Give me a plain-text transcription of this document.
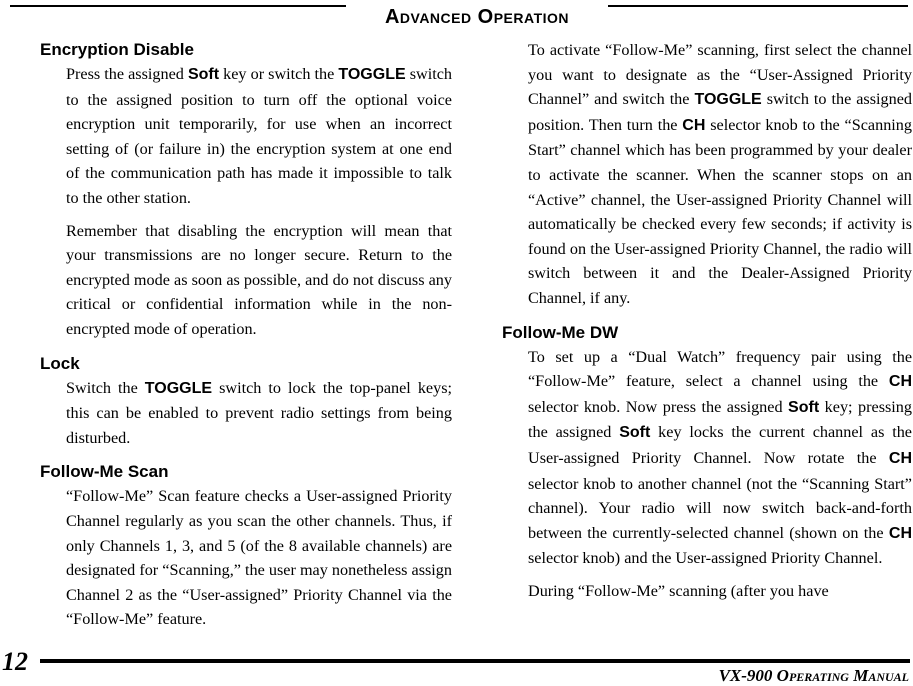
Advanced Operation
Encryption Disable

Press the assigned Soft key or switch the TOGGLE switch to the assigned position to turn off the optional voice encryption unit temporarily, for use when an incorrect setting of (or failure in) the encryption system at one end of the communication path has made it impossible to talk to the other station.

Remember that disabling the encryption will mean that your transmissions are no longer secure. Return to the encrypted mode as soon as possible, and do not discuss any critical or confidential information while in the non-encrypted mode of operation.

Lock

Switch the TOGGLE switch to lock the top-panel keys; this can be enabled to prevent radio settings from being disturbed.

Follow-Me Scan

“Follow-Me” Scan feature checks a User-assigned Priority Channel regularly as you scan the other channels. Thus, if only Channels 1, 3, and 5 (of the 8 available channels) are designated for “Scanning,” the user may nonetheless assign Channel 2 as the “User-assigned” Priority Channel via the “Follow-Me” feature.

To activate “Follow-Me” scanning, first select the channel you want to designate as the “User-Assigned Priority Channel” and switch the TOGGLE switch to the assigned position. Then turn the CH selector knob to the “Scanning Start” channel which has been programmed by your dealer to activate the scanner. When the scanner stops on an “Active” channel, the User-assigned Priority Channel will automatically be checked every few seconds; if activity is found on the User-assigned Priority Channel, the radio will switch between it and the Dealer-Assigned Priority Channel, if any.

Follow-Me DW

To set up a “Dual Watch” frequency pair using the “Follow-Me” feature, select a channel using the CH selector knob. Now press the assigned Soft key; pressing the assigned Soft key locks the current channel as the User-assigned Priority Channel. Now rotate the CH selector knob to another channel (not the “Scanning Start” channel). Your radio will now switch back-and-forth between the currently-selected channel (shown on the CH selector knob) and the User-assigned Priority Channel.

During “Follow-Me” scanning (after you have

12	VX-900 Operating Manual
